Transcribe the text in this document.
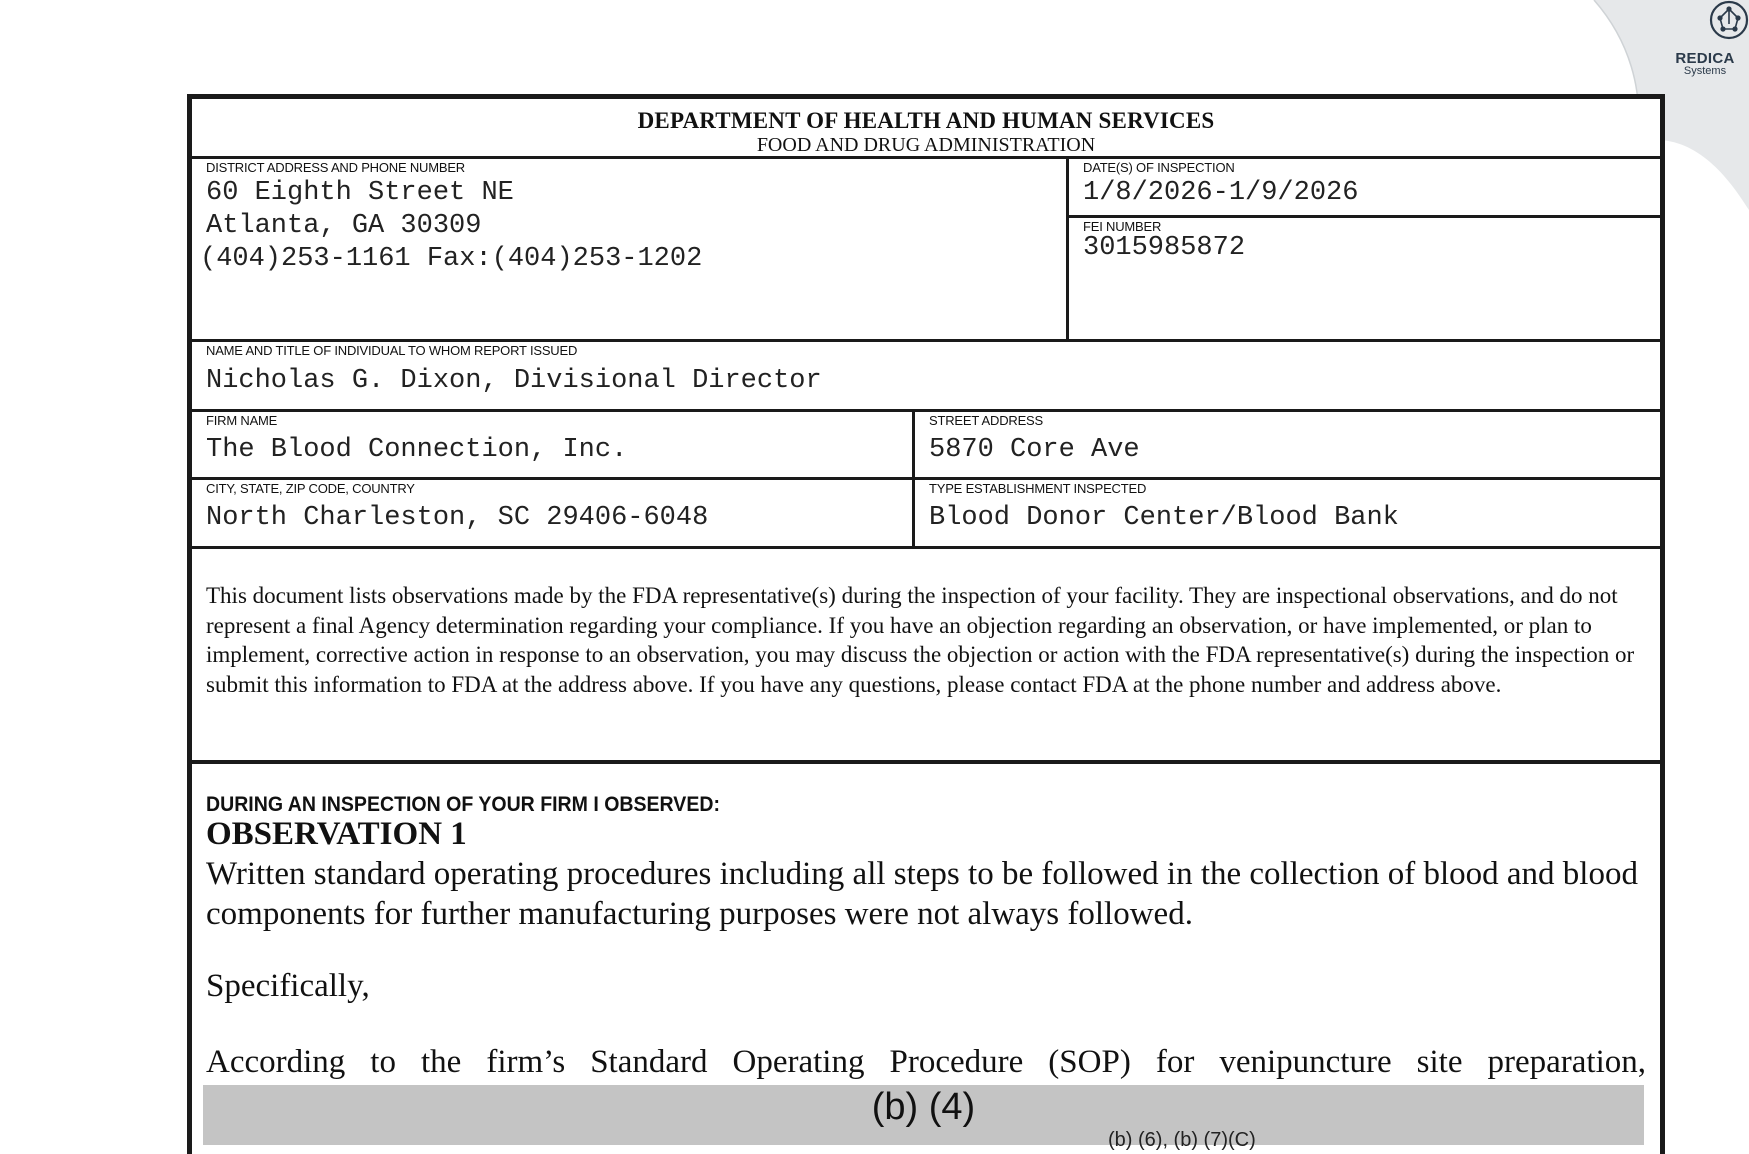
REDICA
Systems
DEPARTMENT OF HEALTH AND HUMAN SERVICES
FOOD AND DRUG ADMINISTRATION
DISTRICT ADDRESS AND PHONE NUMBER
60 Eighth Street NE
Atlanta, GA 30309
(404)253-1161 Fax:(404)253-1202
DATE(S) OF INSPECTION
1/8/2026-1/9/2026
FEI NUMBER
3015985872
NAME AND TITLE OF INDIVIDUAL TO WHOM REPORT ISSUED
Nicholas G. Dixon, Divisional Director
FIRM NAME
The Blood Connection, Inc.
STREET ADDRESS
5870 Core Ave
CITY, STATE, ZIP CODE, COUNTRY
North Charleston, SC 29406-6048
TYPE ESTABLISHMENT INSPECTED
Blood Donor Center/Blood Bank
This document lists observations made by the FDA representative(s) during the inspection of your facility. They are inspectional observations, and do not represent a final Agency determination regarding your compliance. If you have an objection regarding an observation, or have implemented, or plan to implement, corrective action in response to an observation, you may discuss the objection or action with the FDA representative(s) during the inspection or submit this information to FDA at the address above. If you have any questions, please contact FDA at the phone number and address above.
DURING AN INSPECTION OF YOUR FIRM I OBSERVED:
OBSERVATION 1
Written standard operating procedures including all steps to be followed in the collection of blood and blood components for further manufacturing purposes were not always followed.
Specifically,
According to the firm’s Standard Operating Procedure (SOP) for venipuncture site preparation,
(b) (4)
(b) (6), (b) (7)(C)
